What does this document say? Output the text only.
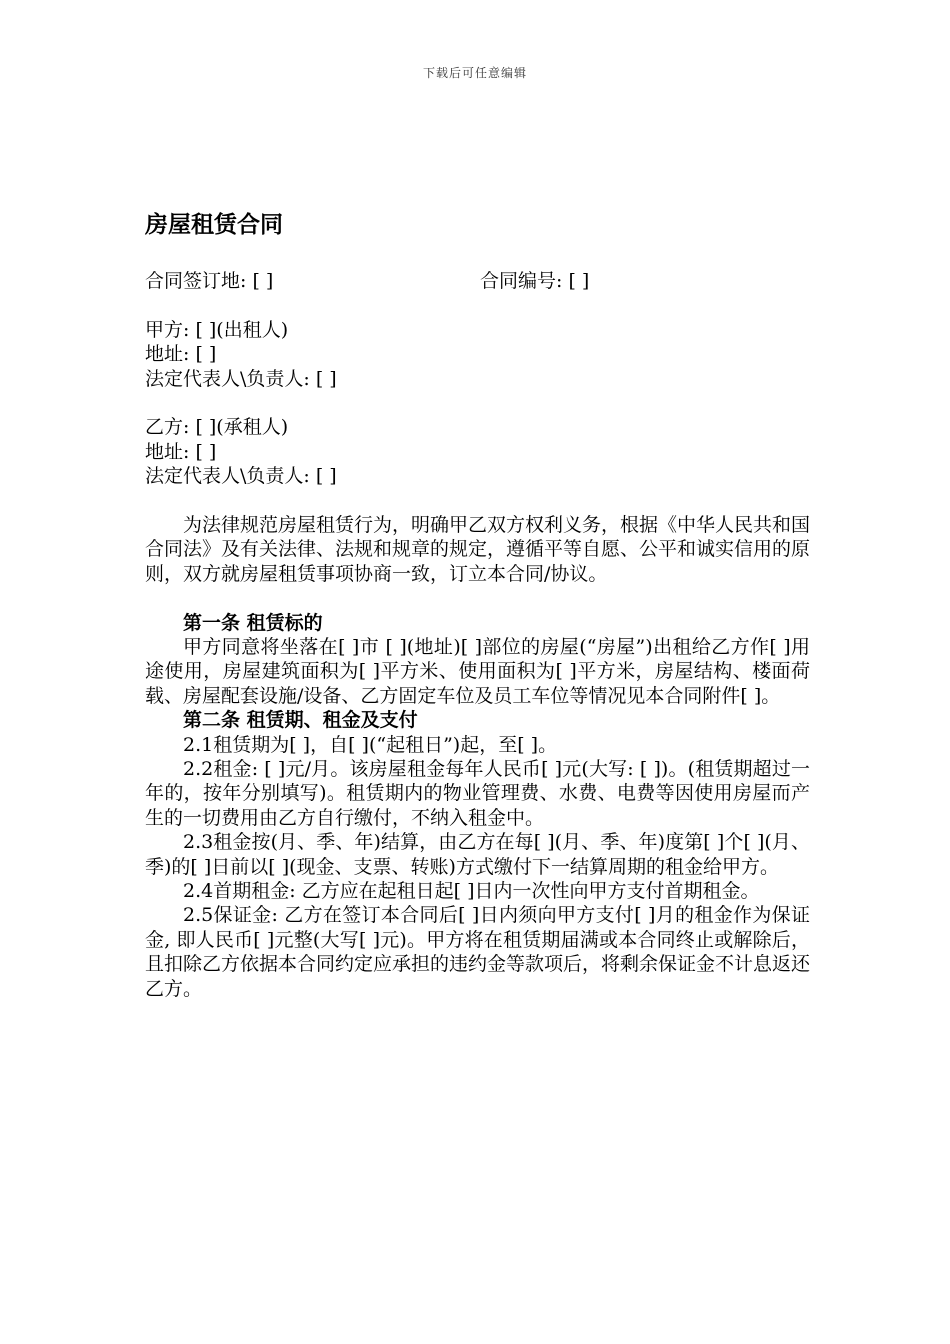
下载后可任意编辑
房屋租赁合同
合同签订地: [ ]	合同编号: [ ]
甲方: [ ](出租人)
地址: [ ]
法定代表人\负责人: [ ]
乙方: [ ](承租人)
地址: [ ]
法定代表人\负责人: [ ]

为法律规范房屋租赁行为，明确甲乙双方权利义务，根据《中华人民共和国合同法》及有关法律、法规和规章的规定，遵循平等自愿、公平和诚实信用的原则，双方就房屋租赁事项协商一致，订立本合同/协议。

第一条 租赁标的

甲方同意将坐落在[ ]市 [ ](地址)[ ]部位的房屋(“房屋”)出租给乙方作[ ]用途使用，房屋建筑面积为[ ]平方米、使用面积为[ ]平方米，房屋结构、楼面荷载、房屋配套设施/设备、乙方固定车位及员工车位等情况见本合同附件[ ]。

第二条 租赁期、租金及支付

2.1租赁期为[ ]，自[ ](“起租日”)起，至[ ]。

2.2租金: [ ]元/月。该房屋租金每年人民币[ ]元(大写: [ ])。(租赁期超过一年的，按年分别填写)。租赁期内的物业管理费、水费、电费等因使用房屋而产生的一切费用由乙方自行缴付，不纳入租金中。

2.3租金按(月、季、年)结算，由乙方在每[ ](月、季、年)度第[ ]个[ ](月、季)的[ ]日前以[ ](现金、支票、转账)方式缴付下一结算周期的租金给甲方。

2.4首期租金: 乙方应在起租日起[ ]日内一次性向甲方支付首期租金。

2.5保证金: 乙方在签订本合同后[ ]日内须向甲方支付[ ]月的租金作为保证金, 即人民币[ ]元整(大写[ ]元)。甲方将在租赁期届满或本合同终止或解除后，且扣除乙方依据本合同约定应承担的违约金等款项后，将剩余保证金不计息返还乙方。
